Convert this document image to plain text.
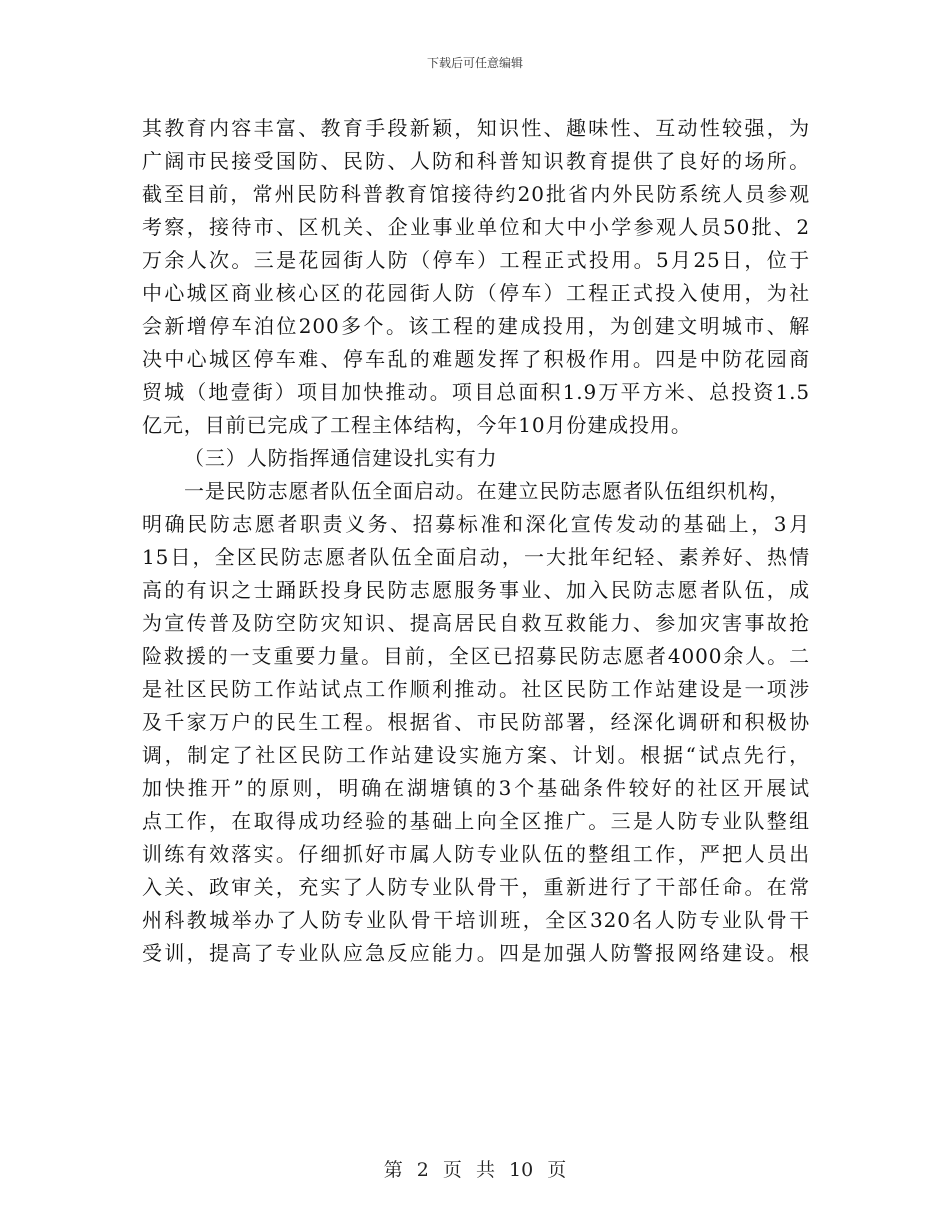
下载后可任意编辑
其教育内容丰富、教育手段新颖，知识性、趣味性、互动性较强，为
广阔市民接受国防、民防、人防和科普知识教育提供了良好的场所。
截至目前，常州民防科普教育馆接待约20批省内外民防系统人员参观
考察，接待市、区机关、企业事业单位和大中小学参观人员50批、2
万余人次。三是花园街人防（停车）工程正式投用。5月25日，位于
中心城区商业核心区的花园街人防（停车）工程正式投入使用，为社
会新增停车泊位200多个。该工程的建成投用，为创建文明城市、解
决中心城区停车难、停车乱的难题发挥了积极作用。四是中防花园商
贸城（地壹街）项目加快推动。项目总面积1.9万平方米、总投资1.5
亿元，目前已完成了工程主体结构，今年10月份建成投用。
（三）人防指挥通信建设扎实有力
一是民防志愿者队伍全面启动。在建立民防志愿者队伍组织机构，
明确民防志愿者职责义务、招募标准和深化宣传发动的基础上，3月
15日，全区民防志愿者队伍全面启动，一大批年纪轻、素养好、热情
高的有识之士踊跃投身民防志愿服务事业、加入民防志愿者队伍，成
为宣传普及防空防灾知识、提高居民自救互救能力、参加灾害事故抢
险救援的一支重要力量。目前，全区已招募民防志愿者4000余人。二
是社区民防工作站试点工作顺利推动。社区民防工作站建设是一项涉
及千家万户的民生工程。根据省、市民防部署，经深化调研和积极协
调，制定了社区民防工作站建设实施方案、计划。根据“试点先行，
加快推开”的原则，明确在湖塘镇的3个基础条件较好的社区开展试
点工作，在取得成功经验的基础上向全区推广。三是人防专业队整组
训练有效落实。仔细抓好市属人防专业队伍的整组工作，严把人员出
入关、政审关，充实了人防专业队骨干，重新进行了干部任命。在常
州科教城举办了人防专业队骨干培训班，全区320名人防专业队骨干
受训，提高了专业队应急反应能力。四是加强人防警报网络建设。根
第 2 页 共 10 页
